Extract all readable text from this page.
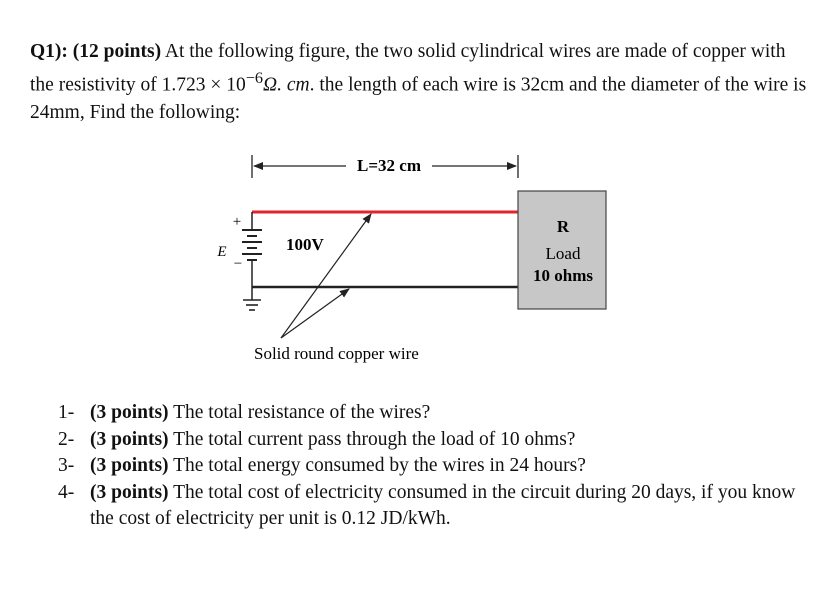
Q1): (12 points) At the following figure, the two solid cylindrical wires are made of copper with the resistivity of $1.723 \times 10^{-6}\Omega$. cm. the length of each wire is 32cm and the diameter of the wire is 24mm, Find the following:
L=32 cm
+
E
−
100V
R
Load
10 ohms
Solid round copper wire
1- (3 points) The total resistance of the wires?
2- (3 points) The total current pass through the load of 10 ohms?
3- (3 points) The total energy consumed by the wires in 24 hours?
4- (3 points) The total cost of electricity consumed in the circuit during 20 days, if you know the cost of electricity per unit is 0.12 JD/kWh.
